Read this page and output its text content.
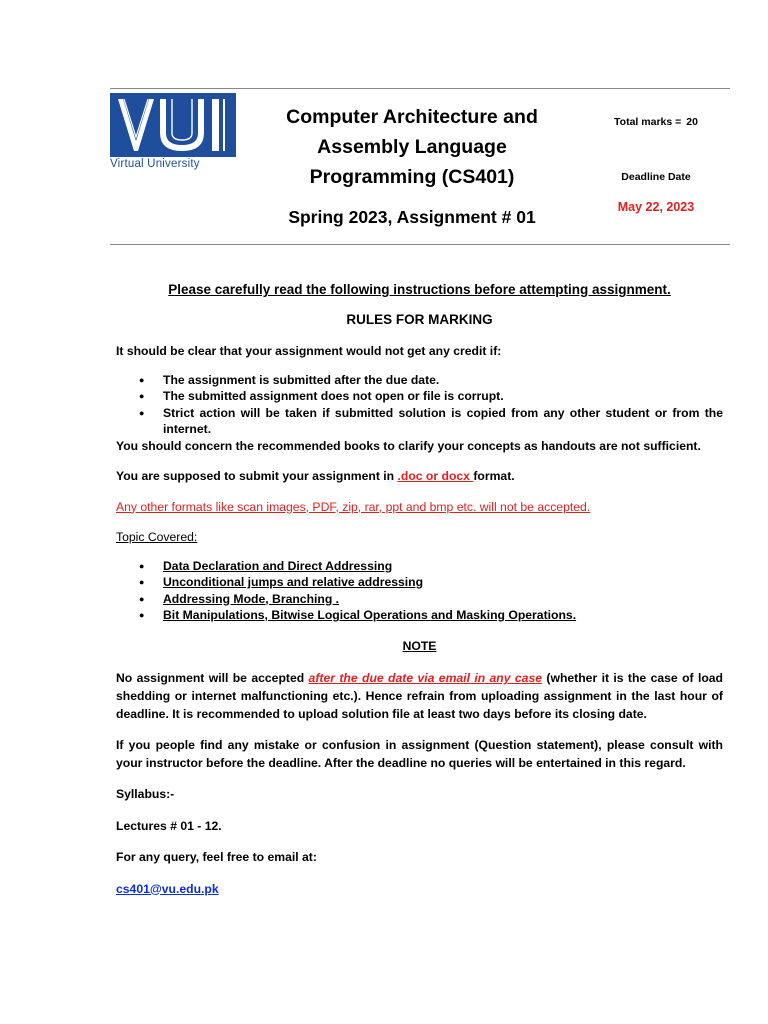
Virtual University
Computer Architecture and
Assembly Language
Programming (CS401)
Spring 2023, Assignment # 01
Total marks = 20
Deadline Date
May 22, 2023

Please carefully read the following instructions before attempting assignment.

RULES FOR MARKING

It should be clear that your assignment would not get any credit if:

● The assignment is submitted after the due date.
● The submitted assignment does not open or file is corrupt.
● Strict action will be taken if submitted solution is copied from any other student or from the internet.

You should concern the recommended books to clarify your concepts as handouts are not sufficient.

You are supposed to submit your assignment in .doc or docx format.

Any other formats like scan images, PDF, zip, rar, ppt and bmp etc. will not be accepted.

Topic Covered:

● Data Declaration and Direct Addressing
● Unconditional jumps and relative addressing
● Addressing Mode, Branching .
● Bit Manipulations, Bitwise Logical Operations and Masking Operations.

NOTE

No assignment will be accepted after the due date via email in any case (whether it is the case of load shedding or internet malfunctioning etc.). Hence refrain from uploading assignment in the last hour of deadline. It is recommended to upload solution file at least two days before its closing date.

If you people find any mistake or confusion in assignment (Question statement), please consult with your instructor before the deadline. After the deadline no queries will be entertained in this regard.

Syllabus:-

Lectures # 01 - 12.

For any query, feel free to email at:

cs401@vu.edu.pk
